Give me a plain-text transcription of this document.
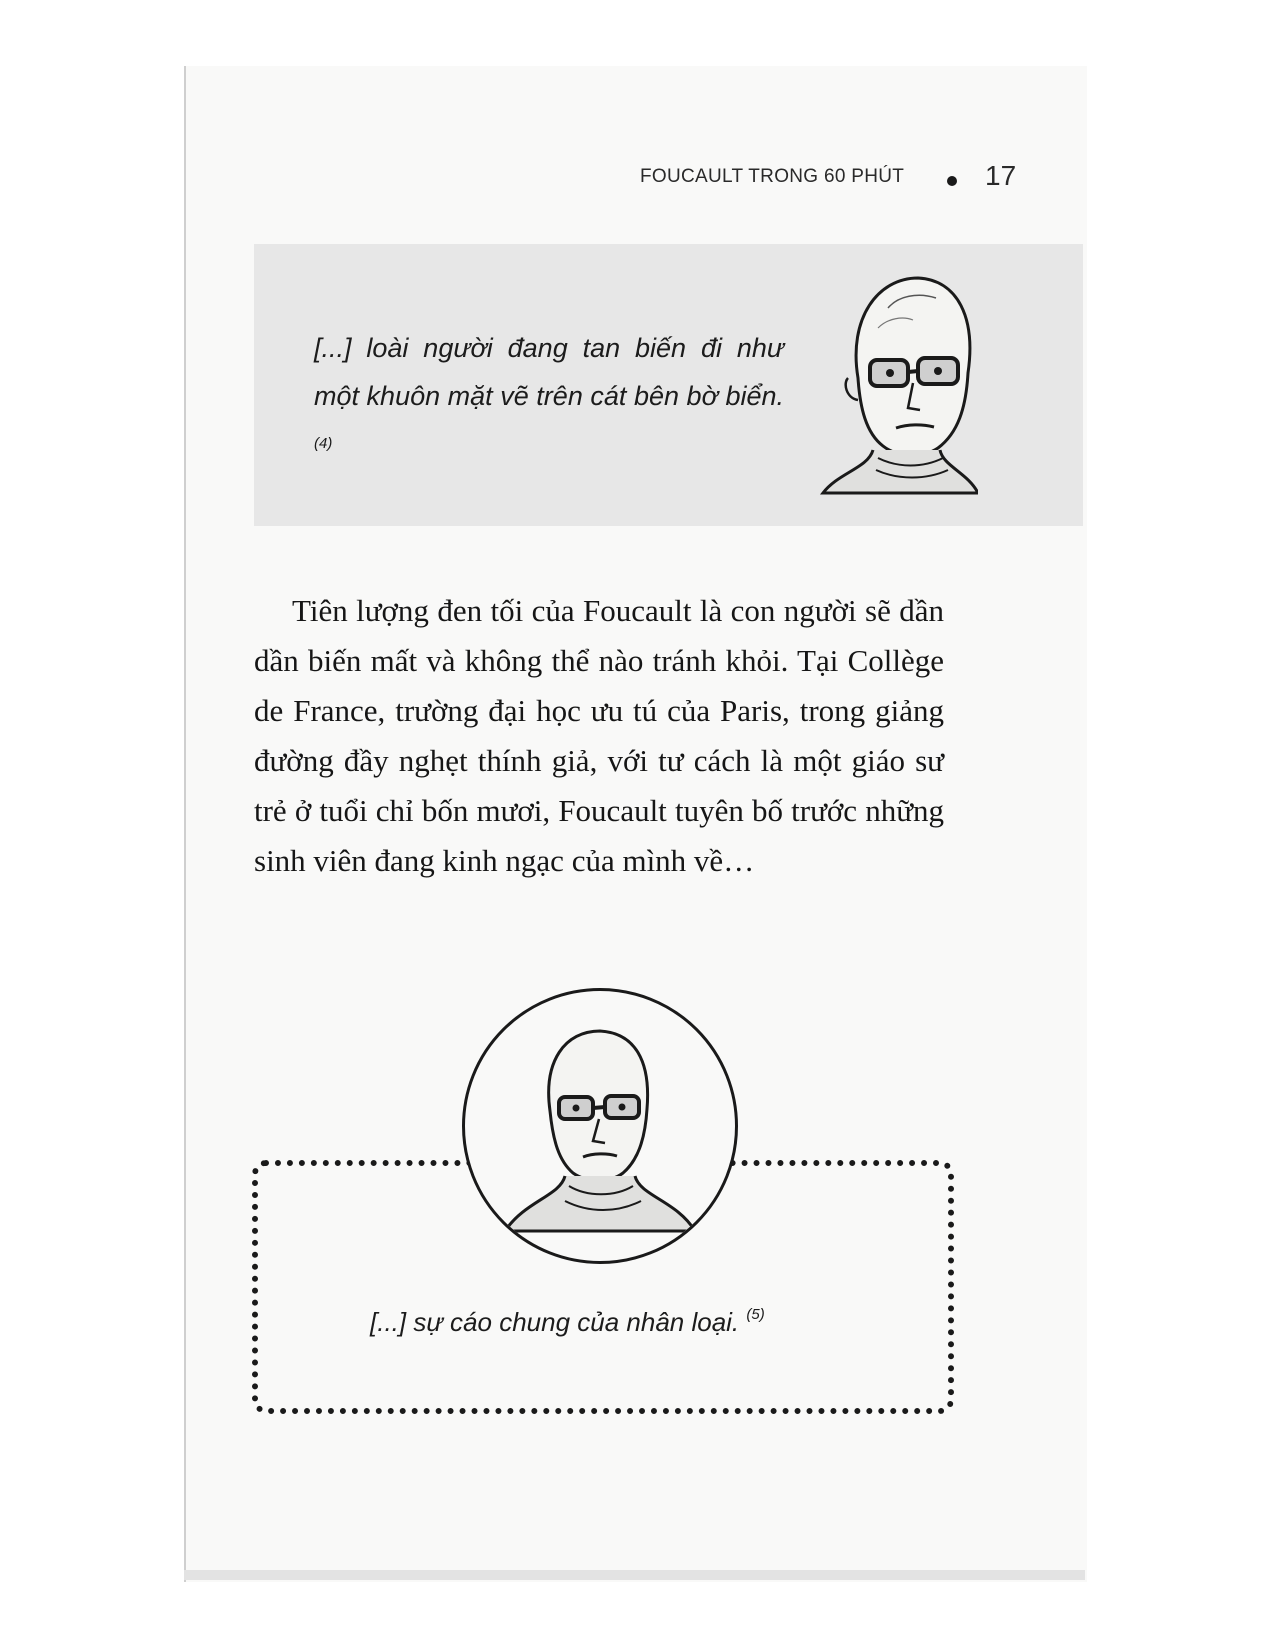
FOUCAULT TRONG 60 PHÚT	17
[...] loài người đang tan biến đi như một khuôn mặt vẽ trên cát bên bờ biển. $^{(4)}$
Tiên lượng đen tối của Foucault là con người sẽ dần dần biến mất và không thể nào tránh khỏi. Tại Collège de France, trường đại học ưu tú của Paris, trong giảng đường đầy nghẹt thính giả, với tư cách là một giáo sư trẻ ở tuổi chỉ bốn mươi, Foucault tuyên bố trước những sinh viên đang kinh ngạc của mình về…
[...] sự cáo chung của nhân loại. $^{(5)}$
